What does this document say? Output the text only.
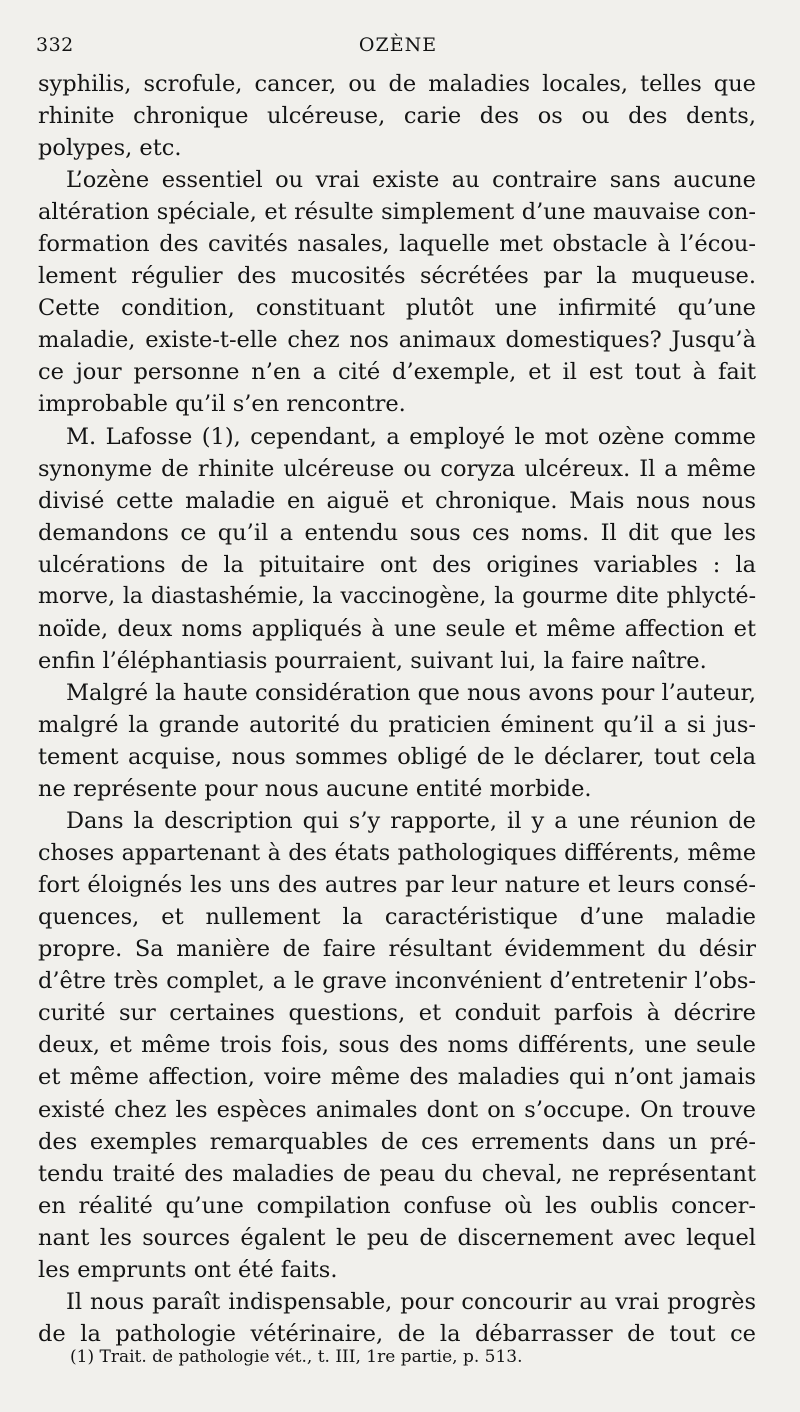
332	OZÈNE
syphilis, scrofule, cancer, ou de maladies locales, telles que
rhinite chronique ulcéreuse, carie des os ou des dents,
polypes, etc.
L’ozène essentiel ou vrai existe au contraire sans aucune
altération spéciale, et résulte simplement d’une mauvaise con-
formation des cavités nasales, laquelle met obstacle à l’écou-
lement régulier des mucosités sécrétées par la muqueuse.
Cette condition, constituant plutôt une infirmité qu’une
maladie, existe-t-elle chez nos animaux domestiques? Jusqu’à
ce jour personne n’en a cité d’exemple, et il est tout à fait
improbable qu’il s’en rencontre.
M. Lafosse (1), cependant, a employé le mot ozène comme
synonyme de rhinite ulcéreuse ou coryza ulcéreux. Il a même
divisé cette maladie en aiguë et chronique. Mais nous nous
demandons ce qu’il a entendu sous ces noms. Il dit que les
ulcérations de la pituitaire ont des origines variables : la
morve, la diastashémie, la vaccinogène, la gourme dite phlycté-
noïde, deux noms appliqués à une seule et même affection et
enfin l’éléphantiasis pourraient, suivant lui, la faire naître.
Malgré la haute considération que nous avons pour l’auteur,
malgré la grande autorité du praticien éminent qu’il a si jus-
tement acquise, nous sommes obligé de le déclarer, tout cela
ne représente pour nous aucune entité morbide.
Dans la description qui s’y rapporte, il y a une réunion de
choses appartenant à des états pathologiques différents, même
fort éloignés les uns des autres par leur nature et leurs consé-
quences, et nullement la caractéristique d’une maladie
propre. Sa manière de faire résultant évidemment du désir
d’être très complet, a le grave inconvénient d’entretenir l’obs-
curité sur certaines questions, et conduit parfois à décrire
deux, et même trois fois, sous des noms différents, une seule
et même affection, voire même des maladies qui n’ont jamais
existé chez les espèces animales dont on s’occupe. On trouve
des exemples remarquables de ces errements dans un pré-
tendu traité des maladies de peau du cheval, ne représentant
en réalité qu’une compilation confuse où les oublis concer-
nant les sources égalent le peu de discernement avec lequel
les emprunts ont été faits.
Il nous paraît indispensable, pour concourir au vrai progrès
de la pathologie vétérinaire, de la débarrasser de tout ce
(1) Trait. de pathologie vét., t. III, 1re partie, p. 513.
